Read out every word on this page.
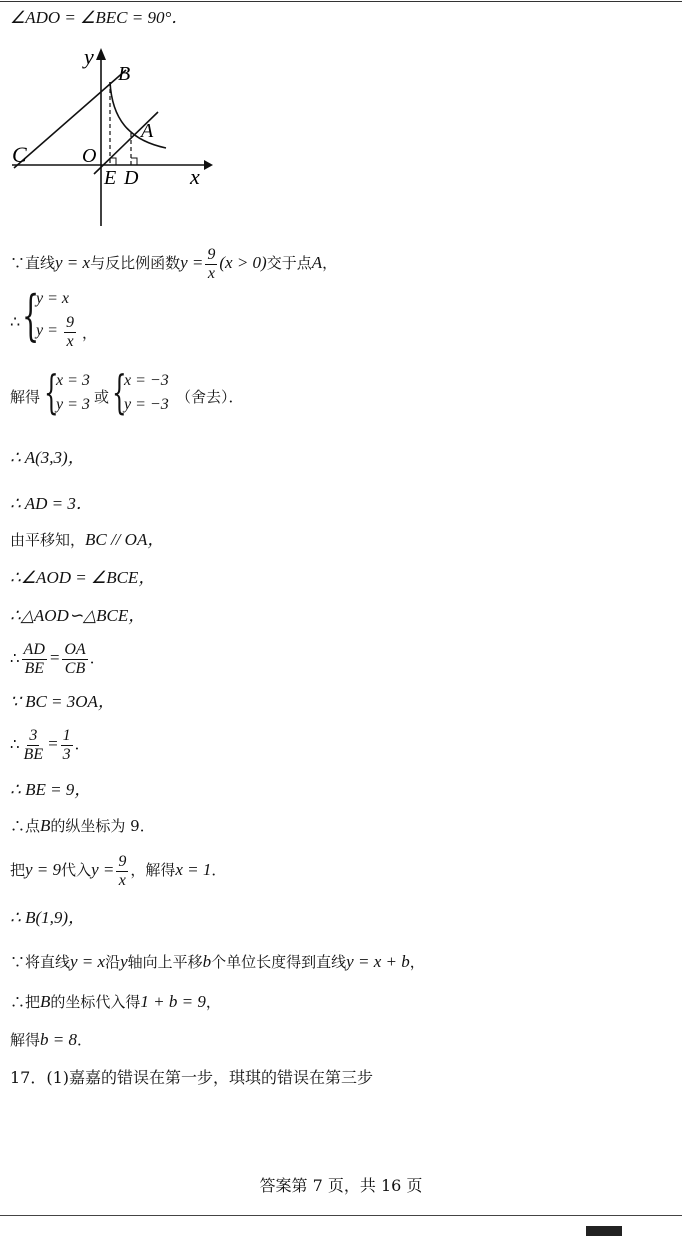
∠ADO = ∠BEC = 90°．
y
B
A
C	O
E D x
∵直线y = x与反比例函数$y = \frac{9}{x} (x > 0)$交于点A，
∴ {
y = x
$y = \frac{9}{x}$ ，
解得 {
x = 3
y = 3 或 {
x = −3
y = −3 （舍去）．
∴ A(3,3)，
∴ AD = 3．
由平移知，BC // OA，
∴∠AOD = ∠BCE，
∴△AOD∽△BCE，
∴ $\frac{AD}{BE} = \frac{OA}{CB}$ ．
∵ BC = 3OA，
∴ $\frac{3}{BE} = \frac{1}{3}$ ．
∴ BE = 9，
∴点B的纵坐标为 9．
把y = 9代入$y = \frac{9}{x}$ ，解得x = 1．
∴ B(1,9)，
∵将直线y = x沿y轴向上平移b个单位长度得到直线y = x + b，
∴把B的坐标代入得1 + b = 9，
解得b = 8．
17．(1)嘉嘉的错误在第一步，琪琪的错误在第三步
答案第 7 页，共 16 页
